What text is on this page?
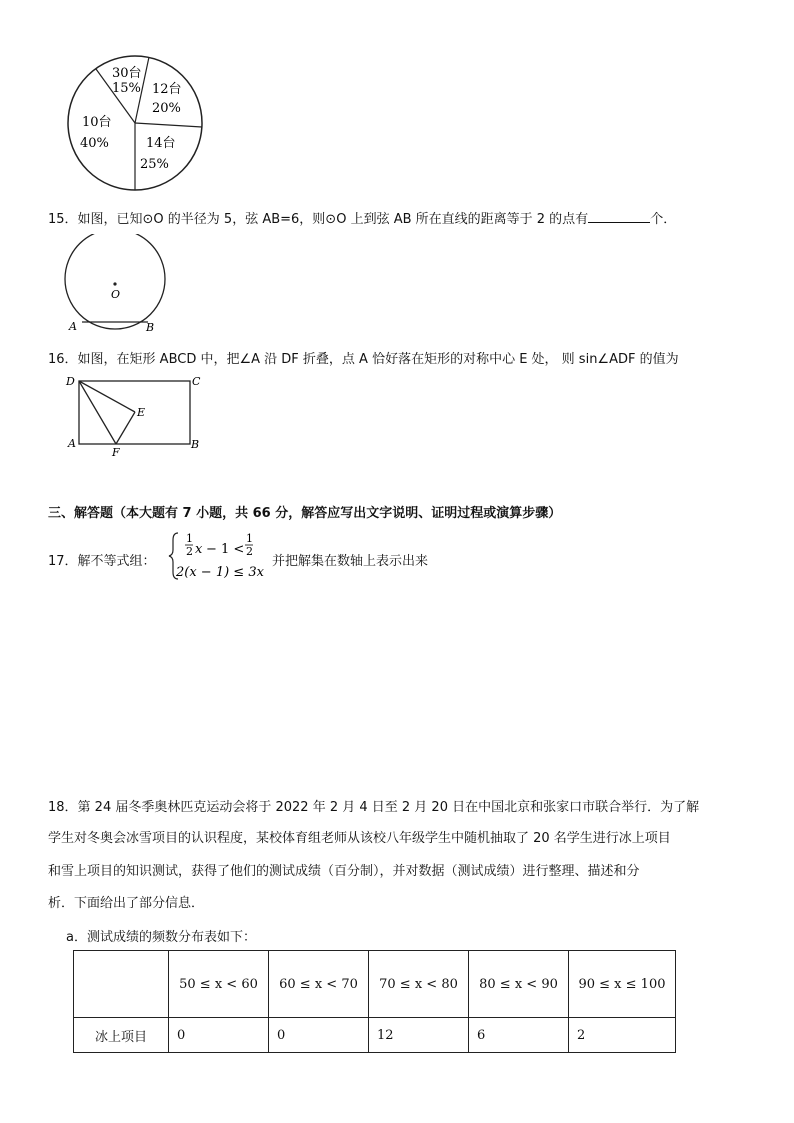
30台
15% 12台
20%
14台
25%
10台
40%
15．如图，已知⊙O 的半径为 5，弦 AB=6，则⊙O 上到弦 AB 所在直线的距离等于 2 的点有	个．
O
A	B
16．如图，在矩形 ABCD 中，把∠A 沿 DF 折叠，点 A 恰好落在矩形的对称中心 E 处， 则 sin∠ADF 的值为
D	C
A	B
E
F
三、解答题（本大题有 7 小题，共 66 分，解答应写出文字说明、证明过程或演算步骤）
17．解不等式组：
1
2 x − 1 <
1
2
2(x − 1) ≤ 3x
并把解集在数轴上表示出来
18．第 24 届冬季奥林匹克运动会将于 2022 年 2 月 4 日至 2 月 20 日在中国北京和张家口市联合举行．为了解
学生对冬奥会冰雪项目的认识程度，某校体育组老师从该校八年级学生中随机抽取了 20 名学生进行冰上项目
和雪上项目的知识测试，获得了他们的测试成绩（百分制），并对数据（测试成绩）进行整理、描述和分
析．下面给出了部分信息．
a．测试成绩的频数分布表如下：
	50 ≤ x < 60	60 ≤ x < 70	70 ≤ x < 80	80 ≤ x < 90	90 ≤ x ≤ 100
冰上项目	0	0	12	6	2
